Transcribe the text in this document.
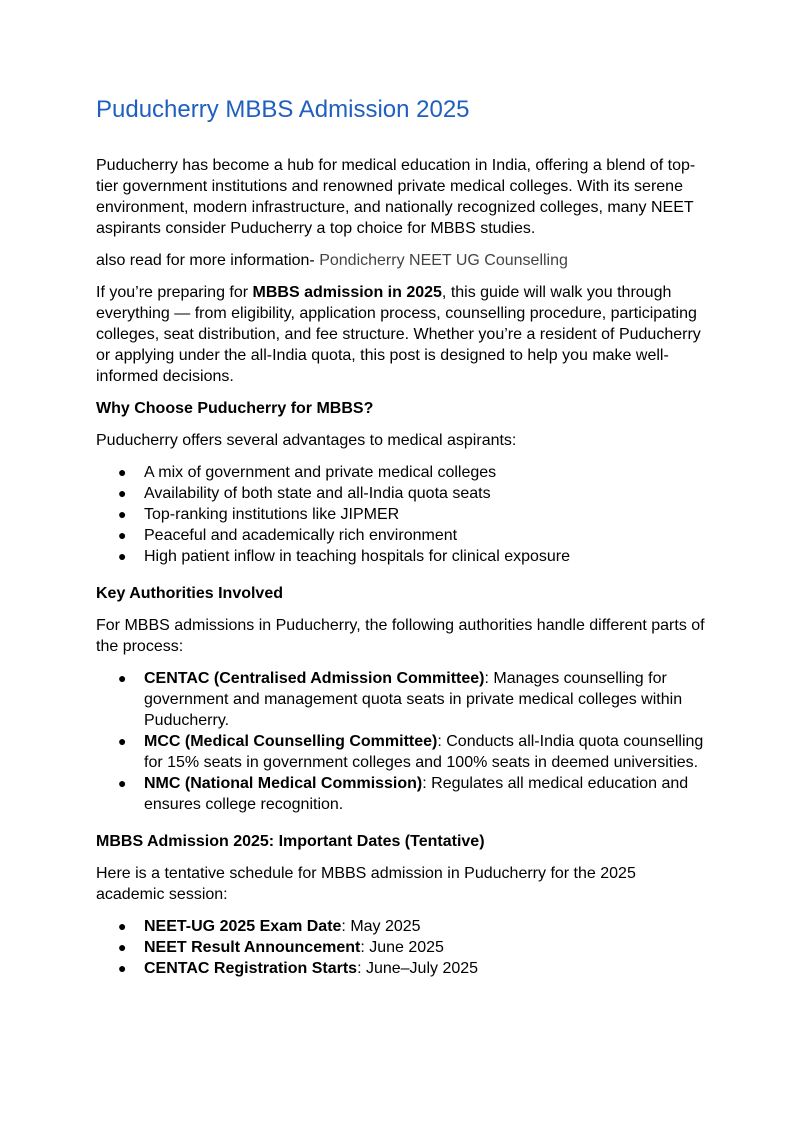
Puducherry MBBS Admission 2025

Puducherry has become a hub for medical education in India, offering a blend of top-tier government institutions and renowned private medical colleges. With its serene environment, modern infrastructure, and nationally recognized colleges, many NEET aspirants consider Puducherry a top choice for MBBS studies.

also read for more information- Pondicherry NEET UG Counselling

If you’re preparing for MBBS admission in 2025, this guide will walk you through everything — from eligibility, application process, counselling procedure, participating colleges, seat distribution, and fee structure. Whether you’re a resident of Puducherry or applying under the all-India quota, this post is designed to help you make well-informed decisions.

Why Choose Puducherry for MBBS?

Puducherry offers several advantages to medical aspirants:

● A mix of government and private medical colleges
● Availability of both state and all-India quota seats
● Top-ranking institutions like JIPMER
● Peaceful and academically rich environment
● High patient inflow in teaching hospitals for clinical exposure

Key Authorities Involved

For MBBS admissions in Puducherry, the following authorities handle different parts of the process:

● CENTAC (Centralised Admission Committee): Manages counselling for government and management quota seats in private medical colleges within Puducherry.
● MCC (Medical Counselling Committee): Conducts all-India quota counselling for 15% seats in government colleges and 100% seats in deemed universities.
● NMC (National Medical Commission): Regulates all medical education and ensures college recognition.

MBBS Admission 2025: Important Dates (Tentative)

Here is a tentative schedule for MBBS admission in Puducherry for the 2025 academic session:

● NEET-UG 2025 Exam Date: May 2025
● NEET Result Announcement: June 2025
● CENTAC Registration Starts: June–July 2025
